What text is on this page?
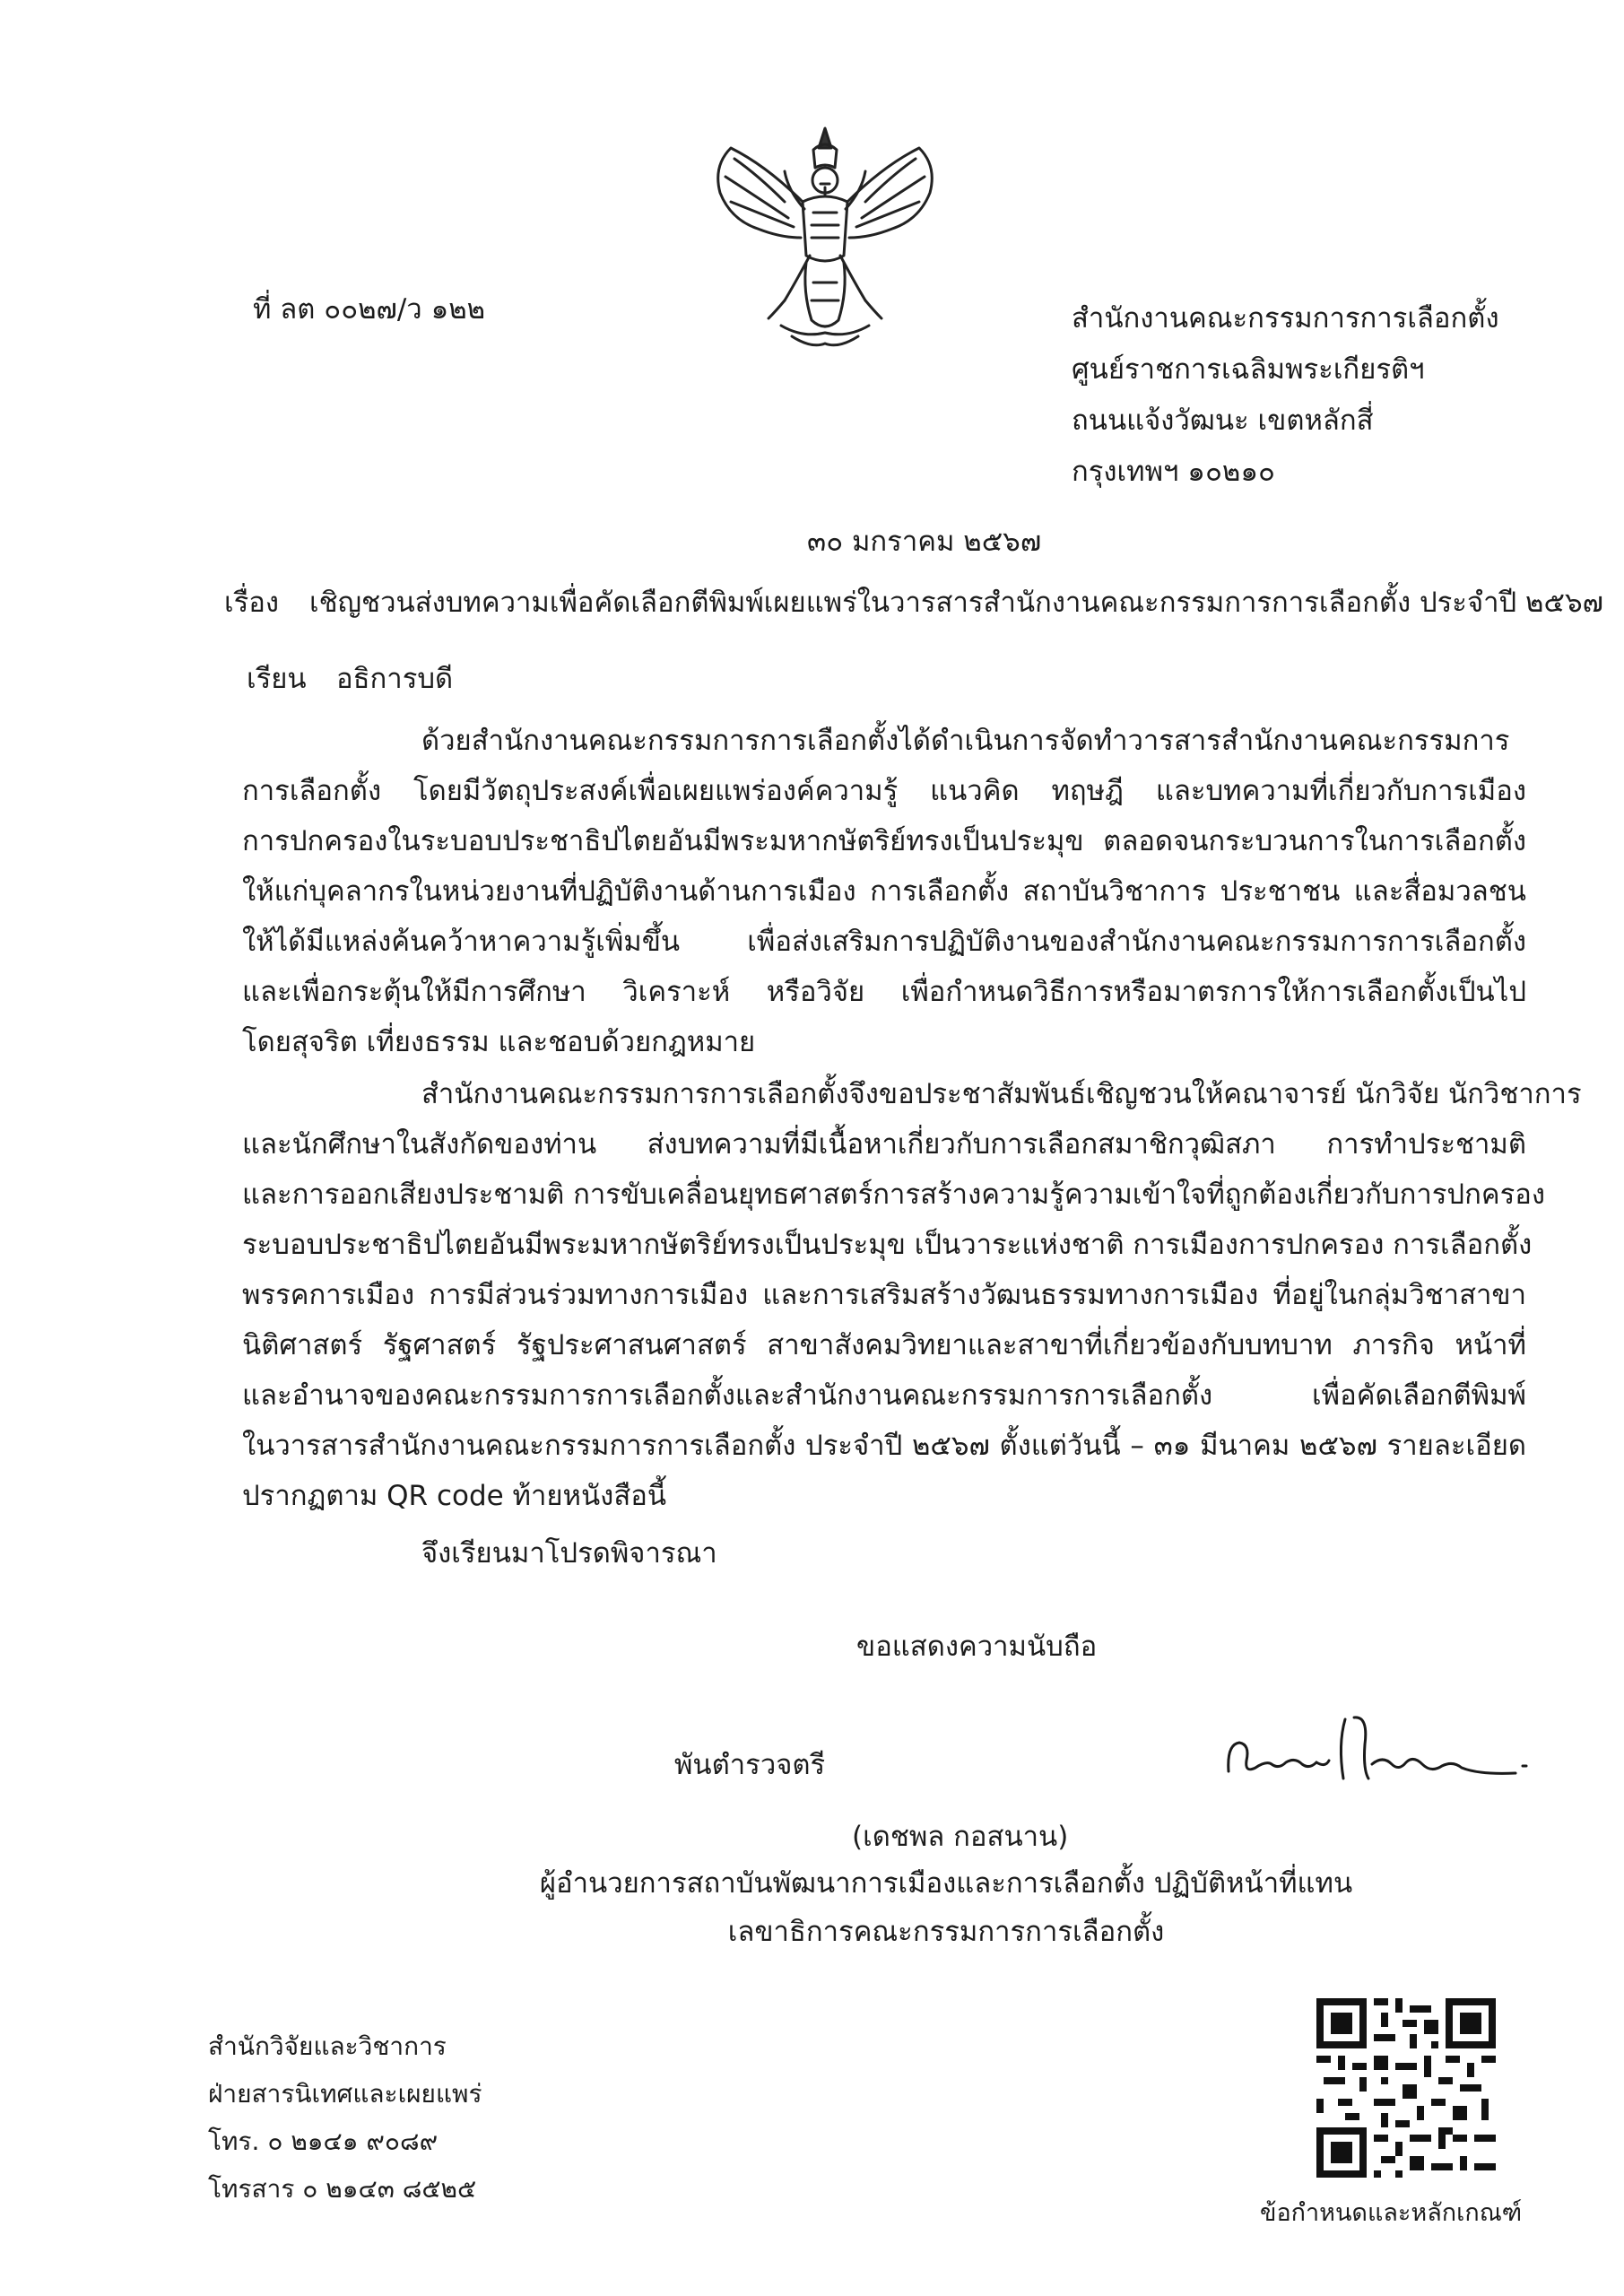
ที่ ลต ๐๐๒๗/ว ๑๒๒	สำนักงานคณะกรรมการการเลือกตั้ง
ศูนย์ราชการเฉลิมพระเกียรติฯ
ถนนแจ้งวัฒนะ เขตหลักสี่
กรุงเทพฯ ๑๐๒๑๐
๓๐ มกราคม ๒๕๖๗
เรื่อง เชิญชวนส่งบทความเพื่อคัดเลือกตีพิมพ์เผยแพร่ในวารสารสำนักงานคณะกรรมการการเลือกตั้ง ประจำปี ๒๕๖๗
เรียน อธิการบดี
ด้วยสำนักงานคณะกรรมการการเลือกตั้งได้ดำเนินการจัดทำวารสารสำนักงานคณะกรรมการ
การเลือกตั้ง โดยมีวัตถุประสงค์เพื่อเผยแพร่องค์ความรู้ แนวคิด ทฤษฎี และบทความที่เกี่ยวกับการเมือง
การปกครองในระบอบประชาธิปไตยอันมีพระมหากษัตริย์ทรงเป็นประมุข ตลอดจนกระบวนการในการเลือกตั้ง
ให้แก่บุคลากรในหน่วยงานที่ปฏิบัติงานด้านการเมือง การเลือกตั้ง สถาบันวิชาการ ประชาชน และสื่อมวลชน
ให้ได้มีแหล่งค้นคว้าหาความรู้เพิ่มขึ้น เพื่อส่งเสริมการปฏิบัติงานของสำนักงานคณะกรรมการการเลือกตั้ง
และเพื่อกระตุ้นให้มีการศึกษา วิเคราะห์ หรือวิจัย เพื่อกำหนดวิธีการหรือมาตรการให้การเลือกตั้งเป็นไป
โดยสุจริต เที่ยงธรรม และชอบด้วยกฎหมาย
สำนักงานคณะกรรมการการเลือกตั้งจึงขอประชาสัมพันธ์เชิญชวนให้คณาจารย์ นักวิจัย นักวิชาการ
และนักศึกษาในสังกัดของท่าน ส่งบทความที่มีเนื้อหาเกี่ยวกับการเลือกสมาชิกวุฒิสภา การทำประชามติ
และการออกเสียงประชามติ การขับเคลื่อนยุทธศาสตร์การสร้างความรู้ความเข้าใจที่ถูกต้องเกี่ยวกับการปกครอง
ระบอบประชาธิปไตยอันมีพระมหากษัตริย์ทรงเป็นประมุข เป็นวาระแห่งชาติ การเมืองการปกครอง การเลือกตั้ง
พรรคการเมือง การมีส่วนร่วมทางการเมือง และการเสริมสร้างวัฒนธรรมทางการเมือง ที่อยู่ในกลุ่มวิชาสาขา
นิติศาสตร์ รัฐศาสตร์ รัฐประศาสนศาสตร์ สาขาสังคมวิทยาและสาขาที่เกี่ยวข้องกับบทบาท ภารกิจ หน้าที่
และอำนาจของคณะกรรมการการเลือกตั้งและสำนักงานคณะกรรมการการเลือกตั้ง เพื่อคัดเลือกตีพิมพ์
ในวารสารสำนักงานคณะกรรมการการเลือกตั้ง ประจำปี ๒๕๖๗ ตั้งแต่วันนี้ – ๓๑ มีนาคม ๒๕๖๗ รายละเอียด
ปรากฏตาม QR code ท้ายหนังสือนี้
จึงเรียนมาโปรดพิจารณา
ขอแสดงความนับถือ
พันตำรวจตรี
(เดชพล กอสนาน)
ผู้อำนวยการสถาบันพัฒนาการเมืองและการเลือกตั้ง ปฏิบัติหน้าที่แทน
เลขาธิการคณะกรรมการการเลือกตั้ง
สำนักวิจัยและวิชาการ
ฝ่ายสารนิเทศและเผยแพร่
โทร. ๐ ๒๑๔๑ ๙๐๘๙
โทรสาร ๐ ๒๑๔๓ ๘๕๒๕
ข้อกำหนดและหลักเกณฑ์
